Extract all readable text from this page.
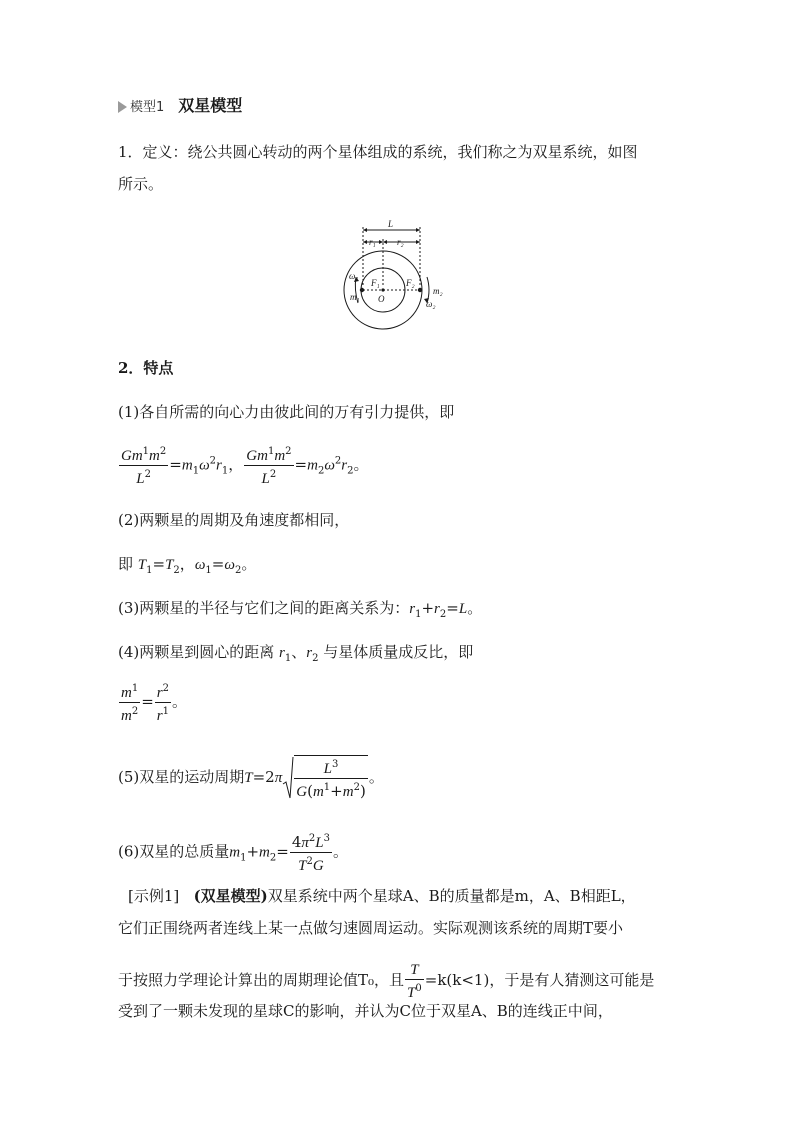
模型1 双星模型
1．定义：绕公共圆心转动的两个星体组成的系统，我们称之为双星系统，如图
所示。
L
r₁ r₂
F₁	F₂
O
ω₁
m₁
m₂
ω₂
2．特点
(1)各自所需的向心力由彼此间的万有引力提供，即
$\frac{Gm^1m^2}{L^2} =m_1\omega^2r_1$， $\frac{Gm^1m^2}{L^2} =m_2\omega^2r_2$。
(2)两颗星的周期及角速度都相同，
即 $T_1=T_2$，$\omega_1=\omega_2$。
(3)两颗星的半径与它们之间的距离关系为：$r_1+r_2=L$。
(4)两颗星到圆心的距离 $r_1$、$r_2$ 与星体质量成反比，即
$\frac{m^1}{m^2} = \frac{r^2}{r^1}$ 。
(5)双星的运动周期$T=2\pi \frac{L^3}{G(m^1+m^2)}$ 。
(6)双星的总质量$m_1+m_2= \frac{4\pi^2L^3}{T^2G}$ 。
[示例1] (双星模型)双星系统中两个星球A、B的质量都是m，A、B相距L，
它们正围绕两者连线上某一点做匀速圆周运动。实际观测该系统的周期T要小
于按照力学理论计算出的周期理论值T₀，且 $\frac{T}{T^0} =k(k<1)$，于是有人猜测这可能是
受到了一颗未发现的星球C的影响，并认为C位于双星A、B的连线正中间，
